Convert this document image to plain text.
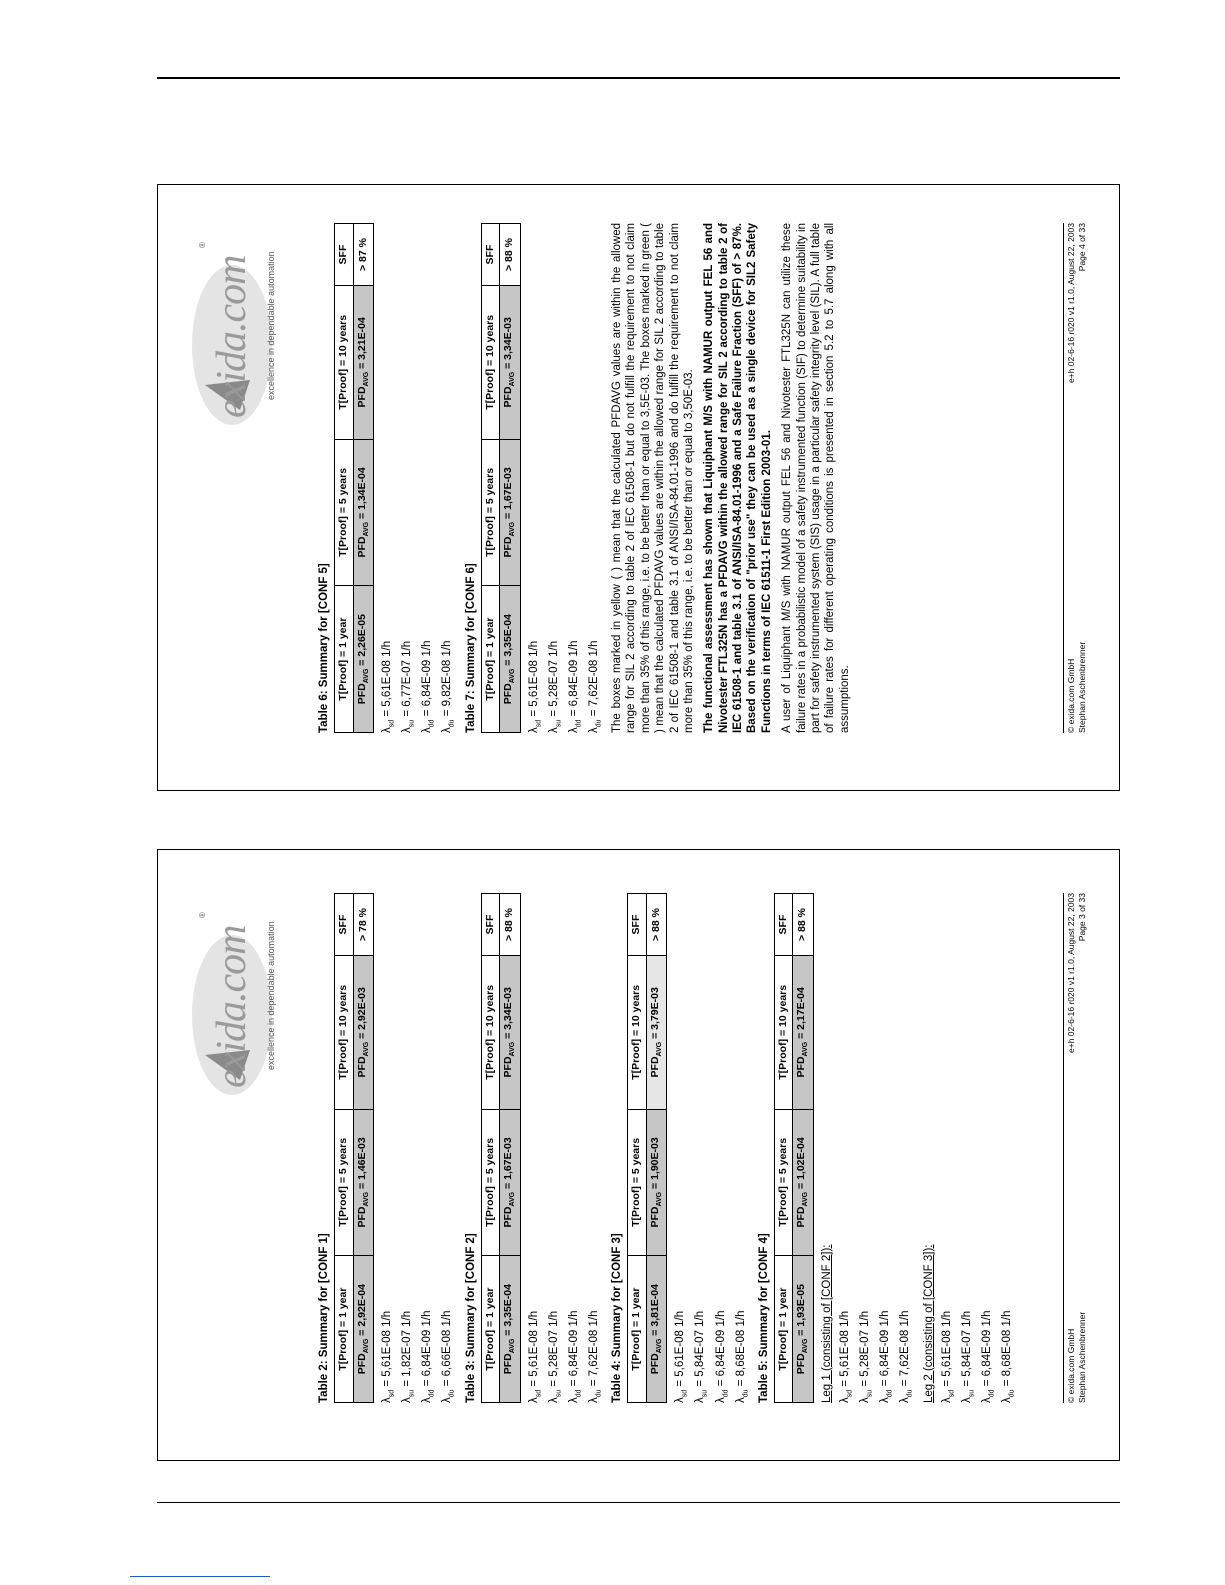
exida.com
®
excellence in dependable automation
Table 6: Summary for [CONF 5] T[Proof] = 1 year	T[Proof] = 5 years	T[Proof] = 10 years	SFF
$PFD_{AVG} = 2,26E-05$	$PFD_{AVG} = 1,34E-04$	$PFD_{AVG} = 3,21E-04$	> 87 %
$\lambda_{sd} = 5,61E-08$ 1/h
$\lambda_{su} = 6,77E-07$ 1/h
$\lambda_{dd} = 6,84E-09$ 1/h
$\lambda_{du} = 9,82E-08$ 1/h Table 7: Summary for [CONF 6] T[Proof] = 1 year	T[Proof] = 5 years	T[Proof] = 10 years	SFF
$PFD_{AVG} = 3,35E-04$	$PFD_{AVG} = 1,67E-03$	$PFD_{AVG} = 3,34E-03$	> 88 %
$\lambda_{sd} = 5,61E-08$ 1/h
$\lambda_{su} = 5,28E-07$ 1/h
$\lambda_{dd} = 6,84E-09$ 1/h
$\lambda_{du} = 7,62E-08$ 1/h The boxes marked in yellow ( ) mean that the calculated PFDAVG values are within the allowed range for SIL 2 according to table 2 of IEC 61508-1 but do not fulfill the requirement to not claim more than 35% of this range, i.e. to be better than or equal to 3,5E-03. The boxes marked in green ( ) mean that the calculated PFDAVG values are within the allowed range for SIL 2 according to table 2 of IEC 61508-1 and table 3.1 of ANSI/ISA-84.01-1996 and do fulfill the requirement to not claim more than 35% of this range, i.e. to be better than or equal to 3,50E-03. The functional assessment has shown that Liquiphant M/S with NAMUR output FEL 56 and Nivotester FTL325N has a PFDAVG within the allowed range for SIL 2 according to table 2 of IEC 61508-1 and table 3.1 of ANSI/ISA-84.01-1996 and a Safe Failure Fraction (SFF) of > 87%. Based on the verification of "prior use" they can be used as a single device for SIL2 Safety Functions in terms of IEC 61511-1 First Edition 2003-01. A user of Liquiphant M/S with NAMUR output FEL 56 and Nivotester FTL325N can utilize these failure rates in a probabilistic model of a safety instrumented function (SIF) to determine suitability in part for safety instrumented system (SIS) usage in a particular safety integrity level (SIL). A full table of failure rates for different operating conditions is presented in section 5.2 to 5.7 along with all assumptions.	© exida.com GmbH Stephan Aschenbrenner
e+h 02-6-16 r020 v1 r1.0, August 22, 2003 Page 4 of 33
exida.com
®
excellence in dependable automation
Table 2: Summary for [CONF 1] T[Proof] = 1 year	T[Proof] = 5 years	T[Proof] = 10 years	SFF
$PFD_{AVG} = 2,92E-04$	$PFD_{AVG} = 1,46E-03$	$PFD_{AVG} = 2,92E-03$	> 78 %
$\lambda_{sd} = 5,61E-08$ 1/h
$\lambda_{su} = 1,82E-07$ 1/h
$\lambda_{dd} = 6,84E-09$ 1/h
$\lambda_{du} = 6,66E-08$ 1/h Table 3: Summary for [CONF 2] T[Proof] = 1 year	T[Proof] = 5 years	T[Proof] = 10 years	SFF
$PFD_{AVG} = 3,35E-04$	$PFD_{AVG} = 1,67E-03$	$PFD_{AVG} = 3,34E-03$	> 88 %
$\lambda_{sd} = 5,61E-08$ 1/h
$\lambda_{su} = 5,28E-07$ 1/h
$\lambda_{dd} = 6,84E-09$ 1/h
$\lambda_{du} = 7,62E-08$ 1/h Table 4: Summary for [CONF 3] T[Proof] = 1 year	T[Proof] = 5 years	T[Proof] = 10 years	SFF
$PFD_{AVG} = 3,81E-04$	$PFD_{AVG} = 1,90E-03$	$PFD_{AVG} = 3,79E-03$	> 88 %
$\lambda_{sd} = 5,61E-08$ 1/h
$\lambda_{su} = 5,84E-07$ 1/h
$\lambda_{dd} = 6,84E-09$ 1/h
$\lambda_{du} = 8,68E-08$ 1/h Table 5: Summary for [CONF 4] T[Proof] = 1 year	T[Proof] = 5 years	T[Proof] = 10 years	SFF
$PFD_{AVG} = 1,93E-05$	$PFD_{AVG} = 1,02E-04$	$PFD_{AVG} = 2,17E-04$	> 88 %
Leg 1 (consisting of [CONF 2]): $\lambda_{sd} = 5,61E-08$ 1/h
$\lambda_{su} = 5,28E-07$ 1/h
$\lambda_{dd} = 6,84E-09$ 1/h
$\lambda_{du} = 7,62E-08$ 1/h Leg 2 (consisting of [CONF 3]): $\lambda_{sd} = 5,61E-08$ 1/h
$\lambda_{su} = 5,84E-07$ 1/h
$\lambda_{dd} = 6,84E-09$ 1/h
$\lambda_{du} = 8,68E-08$ 1/h	© exida.com GmbH Stephan Aschenbrenner
e+h 02-6-16 r020 v1 r1.0, August 22, 2003 Page 3 of 33
